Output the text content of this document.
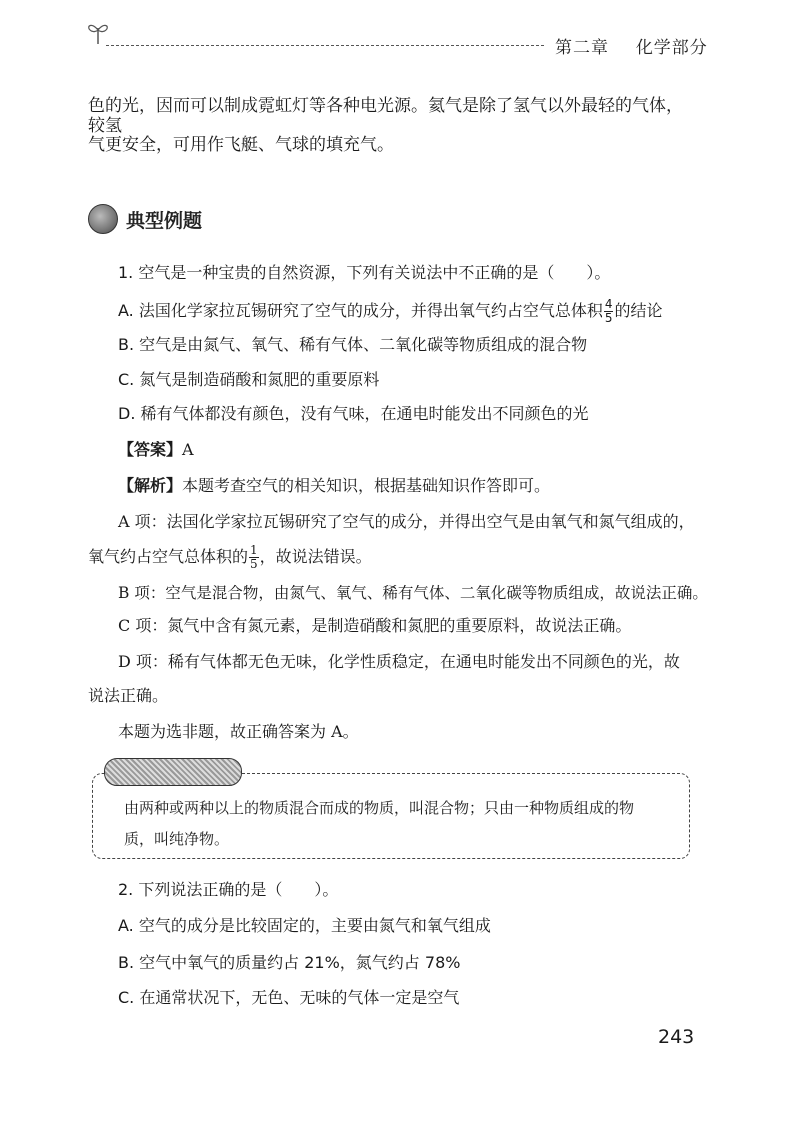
第二章 化学部分
色的光，因而可以制成霓虹灯等各种电光源。氦气是除了氢气以外最轻的气体，较氢
气更安全，可用作飞艇、气球的填充气。
典型例题
1. 空气是一种宝贵的自然资源，下列有关说法中不正确的是（　　）。
A. 法国化学家拉瓦锡研究了空气的成分，并得出氧气约占空气总体积 $\frac{4}{5}$ 的结论
B. 空气是由氮气、氧气、稀有气体、二氧化碳等物质组成的混合物
C. 氮气是制造硝酸和氮肥的重要原料
D. 稀有气体都没有颜色，没有气味，在通电时能发出不同颜色的光
【答案】A
【解析】本题考查空气的相关知识，根据基础知识作答即可。
A 项：法国化学家拉瓦锡研究了空气的成分，并得出空气是由氧气和氮气组成的，
氧气约占空气总体积的 $\frac{1}{5}$ ，故说法错误。
B 项：空气是混合物，由氮气、氧气、稀有气体、二氧化碳等物质组成，故说法正确。
C 项：氮气中含有氮元素，是制造硝酸和氮肥的重要原料，故说法正确。
D 项：稀有气体都无色无味，化学性质稳定，在通电时能发出不同颜色的光，故
说法正确。
本题为选非题，故正确答案为 A。
由两种或两种以上的物质混合而成的物质，叫混合物；只由一种物质组成的物
质，叫纯净物。
2. 下列说法正确的是（　　）。
A. 空气的成分是比较固定的，主要由氮气和氧气组成
B. 空气中氧气的质量约占 21%，氮气约占 78%
C. 在通常状况下，无色、无味的气体一定是空气
243
